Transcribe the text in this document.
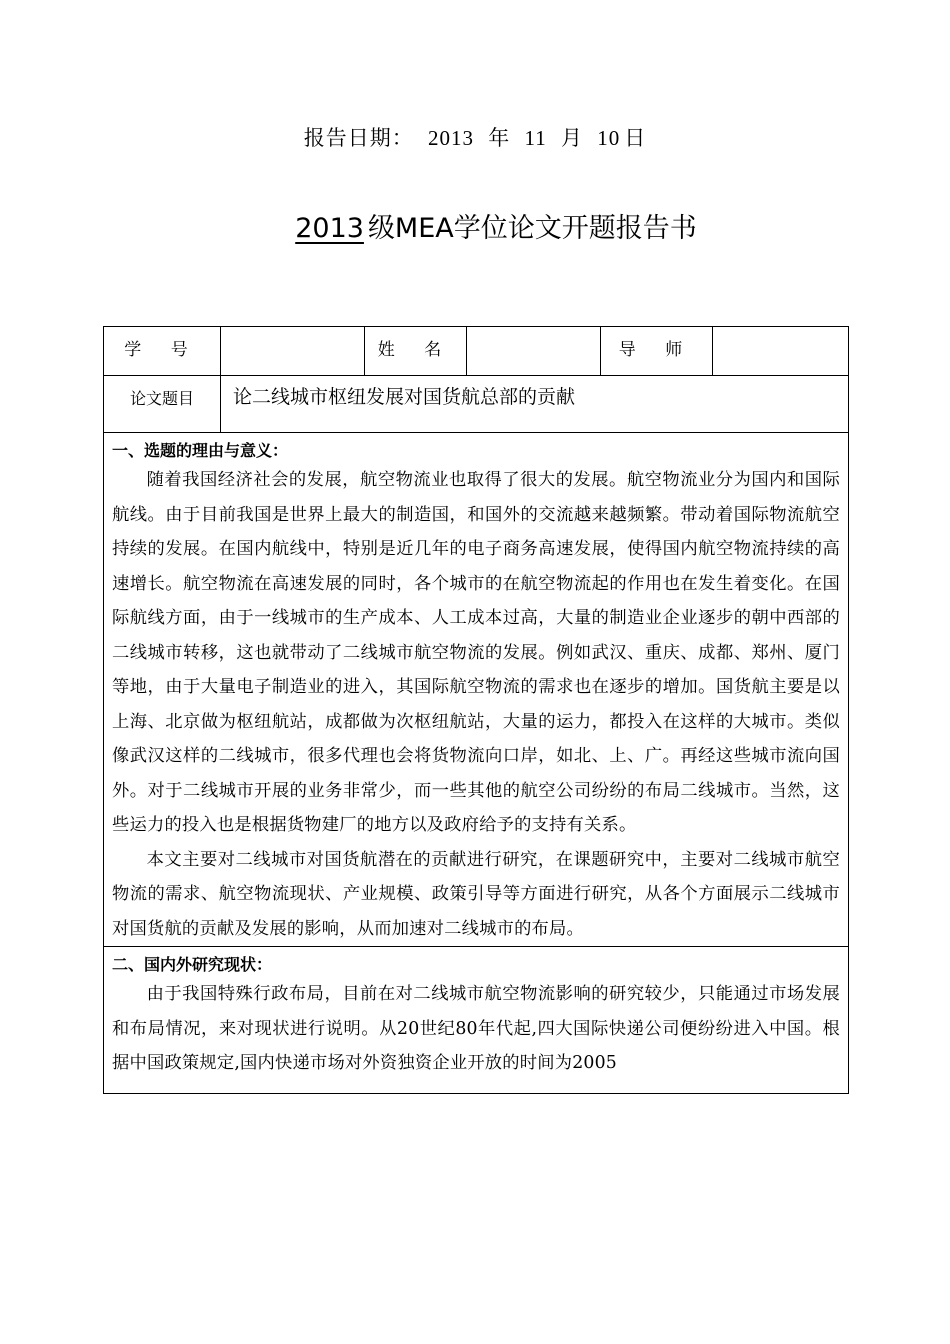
报告日期： 2013 年 11 月 10 日
2013 级MEA学位论文开题报告书
学 号		姓 名		导 师	
论文题目	论二线城市枢纽发展对国货航总部的贡献				

一、选题的理由与意义：

随着我国经济社会的发展，航空物流业也取得了很大的发展。航空物流业分为国内和国际航线。由于目前我国是世界上最大的制造国，和国外的交流越来越频繁。带动着国际物流航空持续的发展。在国内航线中，特别是近几年的电子商务高速发展，使得国内航空物流持续的高速增长。航空物流在高速发展的同时，各个城市的在航空物流起的作用也在发生着变化。在国际航线方面，由于一线城市的生产成本、人工成本过高，大量的制造业企业逐步的朝中西部的二线城市转移，这也就带动了二线城市航空物流的发展。例如武汉、重庆、成都、郑州、厦门等地，由于大量电子制造业的进入，其国际航空物流的需求也在逐步的增加。国货航主要是以上海、北京做为枢纽航站，成都做为次枢纽航站，大量的运力，都投入在这样的大城市。类似像武汉这样的二线城市，很多代理也会将货物流向口岸，如北、上、广。再经这些城市流向国外。对于二线城市开展的业务非常少，而一些其他的航空公司纷纷的布局二线城市。当然，这些运力的投入也是根据货物建厂的地方以及政府给予的支持有关系。

本文主要对二线城市对国货航潜在的贡献进行研究，在课题研究中，主要对二线城市航空物流的需求、航空物流现状、产业规模、政策引导等方面进行研究，从各个方面展示二线城市对国货航的贡献及发展的影响，从而加速对二线城市的布局。					

二、国内外研究现状：

由于我国特殊行政布局，目前在对二线城市航空物流影响的研究较少，只能通过市场发展和布局情况，来对现状进行说明。从20世纪80年代起,四大国际快递公司便纷纷进入中国。根据中国政策规定,国内快递市场对外资独资企业开放的时间为2005					
